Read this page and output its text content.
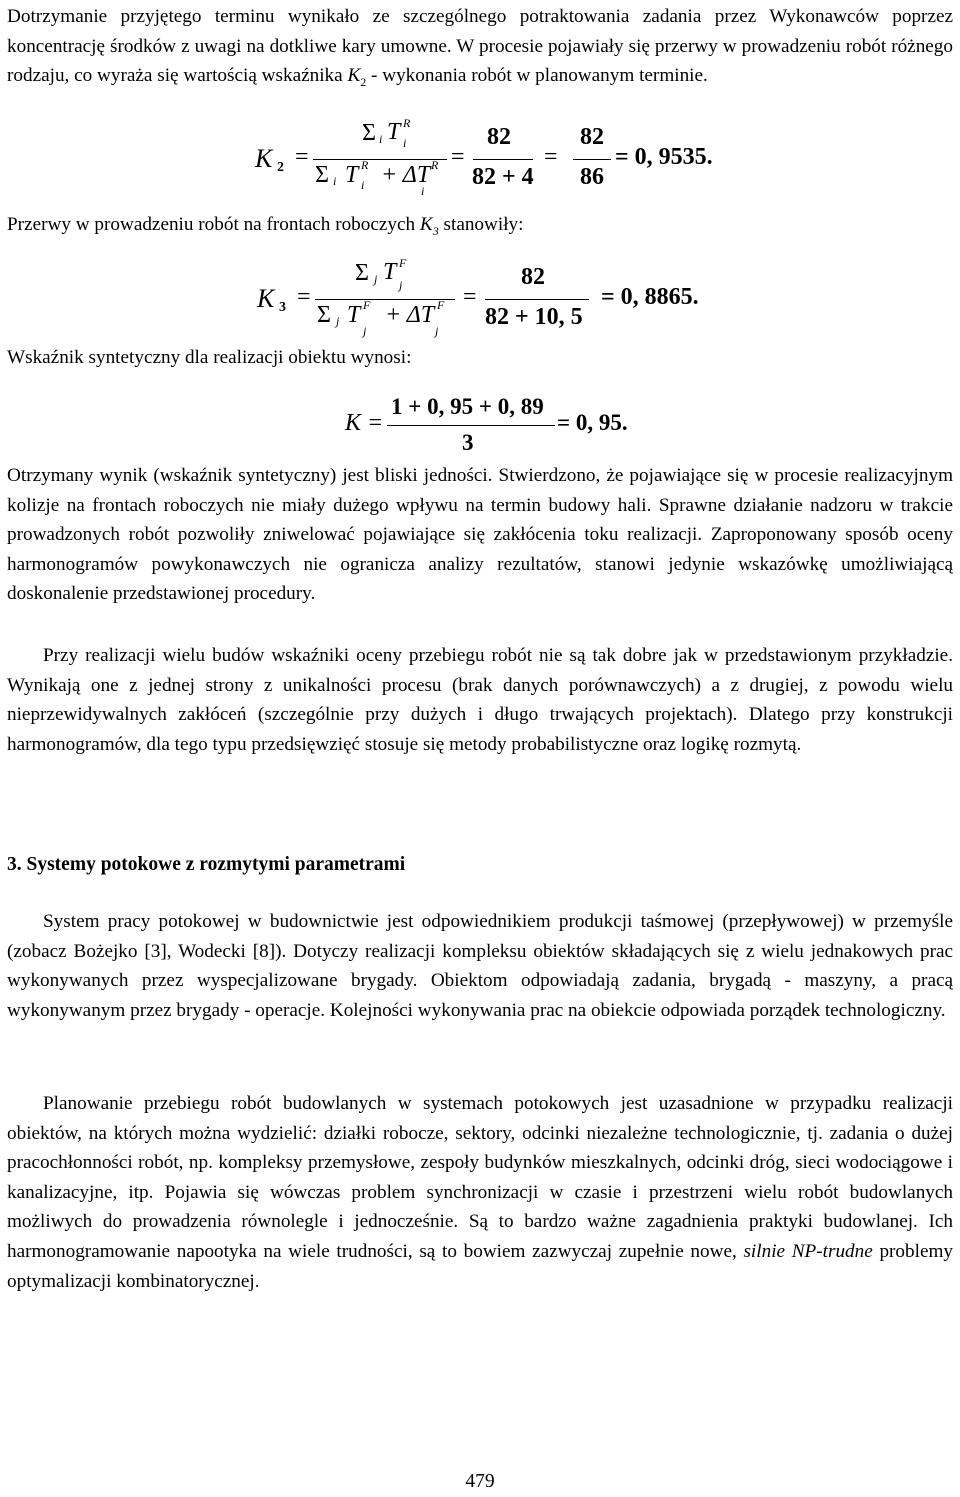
Dotrzymanie przyjętego terminu wynikało ze szczególnego potraktowania zadania przez Wykonawców poprzez koncentrację środków z uwagi na dotkliwe kary umowne. W procesie pojawiały się przerwy w prowadzeniu robót różnego rodzaju, co wyraża się wartością wskaźnika $K_2$ - wykonania robót w planowanym terminie.

K 2 =
Σ i T R
i
Σ i T R
i + ΔT R
i
=
82
82 + 4
=
82
86
= 0, 9535.

Przerwy w prowadzeniu robót na frontach roboczych $K_3$ stanowiły:

K 3 =
Σ j T F
j
Σ j T F
j
+ ΔT F
j
=
82
82 + 10, 5
= 0, 8865.

Wskaźnik syntetyczny dla realizacji obiektu wynosi:

K =
1 + 0, 95 + 0, 89
3
= 0, 95.

Otrzymany wynik (wskaźnik syntetyczny) jest bliski jedności. Stwierdzono, że pojawiające się w procesie realizacyjnym kolizje na frontach roboczych nie miały dużego wpływu na termin budowy hali. Sprawne działanie nadzoru w trakcie prowadzonych robót pozwoliły zniwelować pojawiające się zakłócenia toku realizacji. Zaproponowany sposób oceny harmonogramów powykonawczych nie ogranicza analizy rezultatów, stanowi jedynie wskazówkę umożliwiającą doskonalenie przedstawionej procedury.

Przy realizacji wielu budów wskaźniki oceny przebiegu robót nie są tak dobre jak w przedstawionym przykładzie. Wynikają one z jednej strony z unikalności procesu (brak danych porównawczych) a z drugiej, z powodu wielu nieprzewidywalnych zakłóceń (szczególnie przy dużych i długo trwających projektach). Dlatego przy konstrukcji harmonogramów, dla tego typu przedsięwzięć stosuje się metody probabilistyczne oraz logikę rozmytą.

3. Systemy potokowe z rozmytymi parametrami

System pracy potokowej w budownictwie jest odpowiednikiem produkcji taśmowej (przepływowej) w przemyśle (zobacz Bożejko [3], Wodecki [8]). Dotyczy realizacji kompleksu obiektów składających się z wielu jednakowych prac wykonywanych przez wyspecjalizowane brygady. Obiektom odpowiadają zadania, brygadą - maszyny, a pracą wykonywanym przez brygady - operacje. Kolejności wykonywania prac na obiekcie odpowiada porządek technologiczny.

Planowanie przebiegu robót budowlanych w systemach potokowych jest uzasadnione w przypadku realizacji obiektów, na których można wydzielić: działki robocze, sektory, odcinki niezależne technologicznie, tj. zadania o dużej pracochłonności robót, np. kompleksy przemysłowe, zespoły budynków mieszkalnych, odcinki dróg, sieci wodociągowe i kanalizacyjne, itp. Pojawia się wówczas problem synchronizacji w czasie i przestrzeni wielu robót budowlanych możliwych do prowadzenia równolegle i jednocześnie. Są to bardzo ważne zagadnienia praktyki budowlanej. Ich harmonogramowanie napootyka na wiele trudności, są to bowiem zazwyczaj zupełnie nowe, silnie NP-trudne problemy optymalizacji kombinatorycznej.

479
